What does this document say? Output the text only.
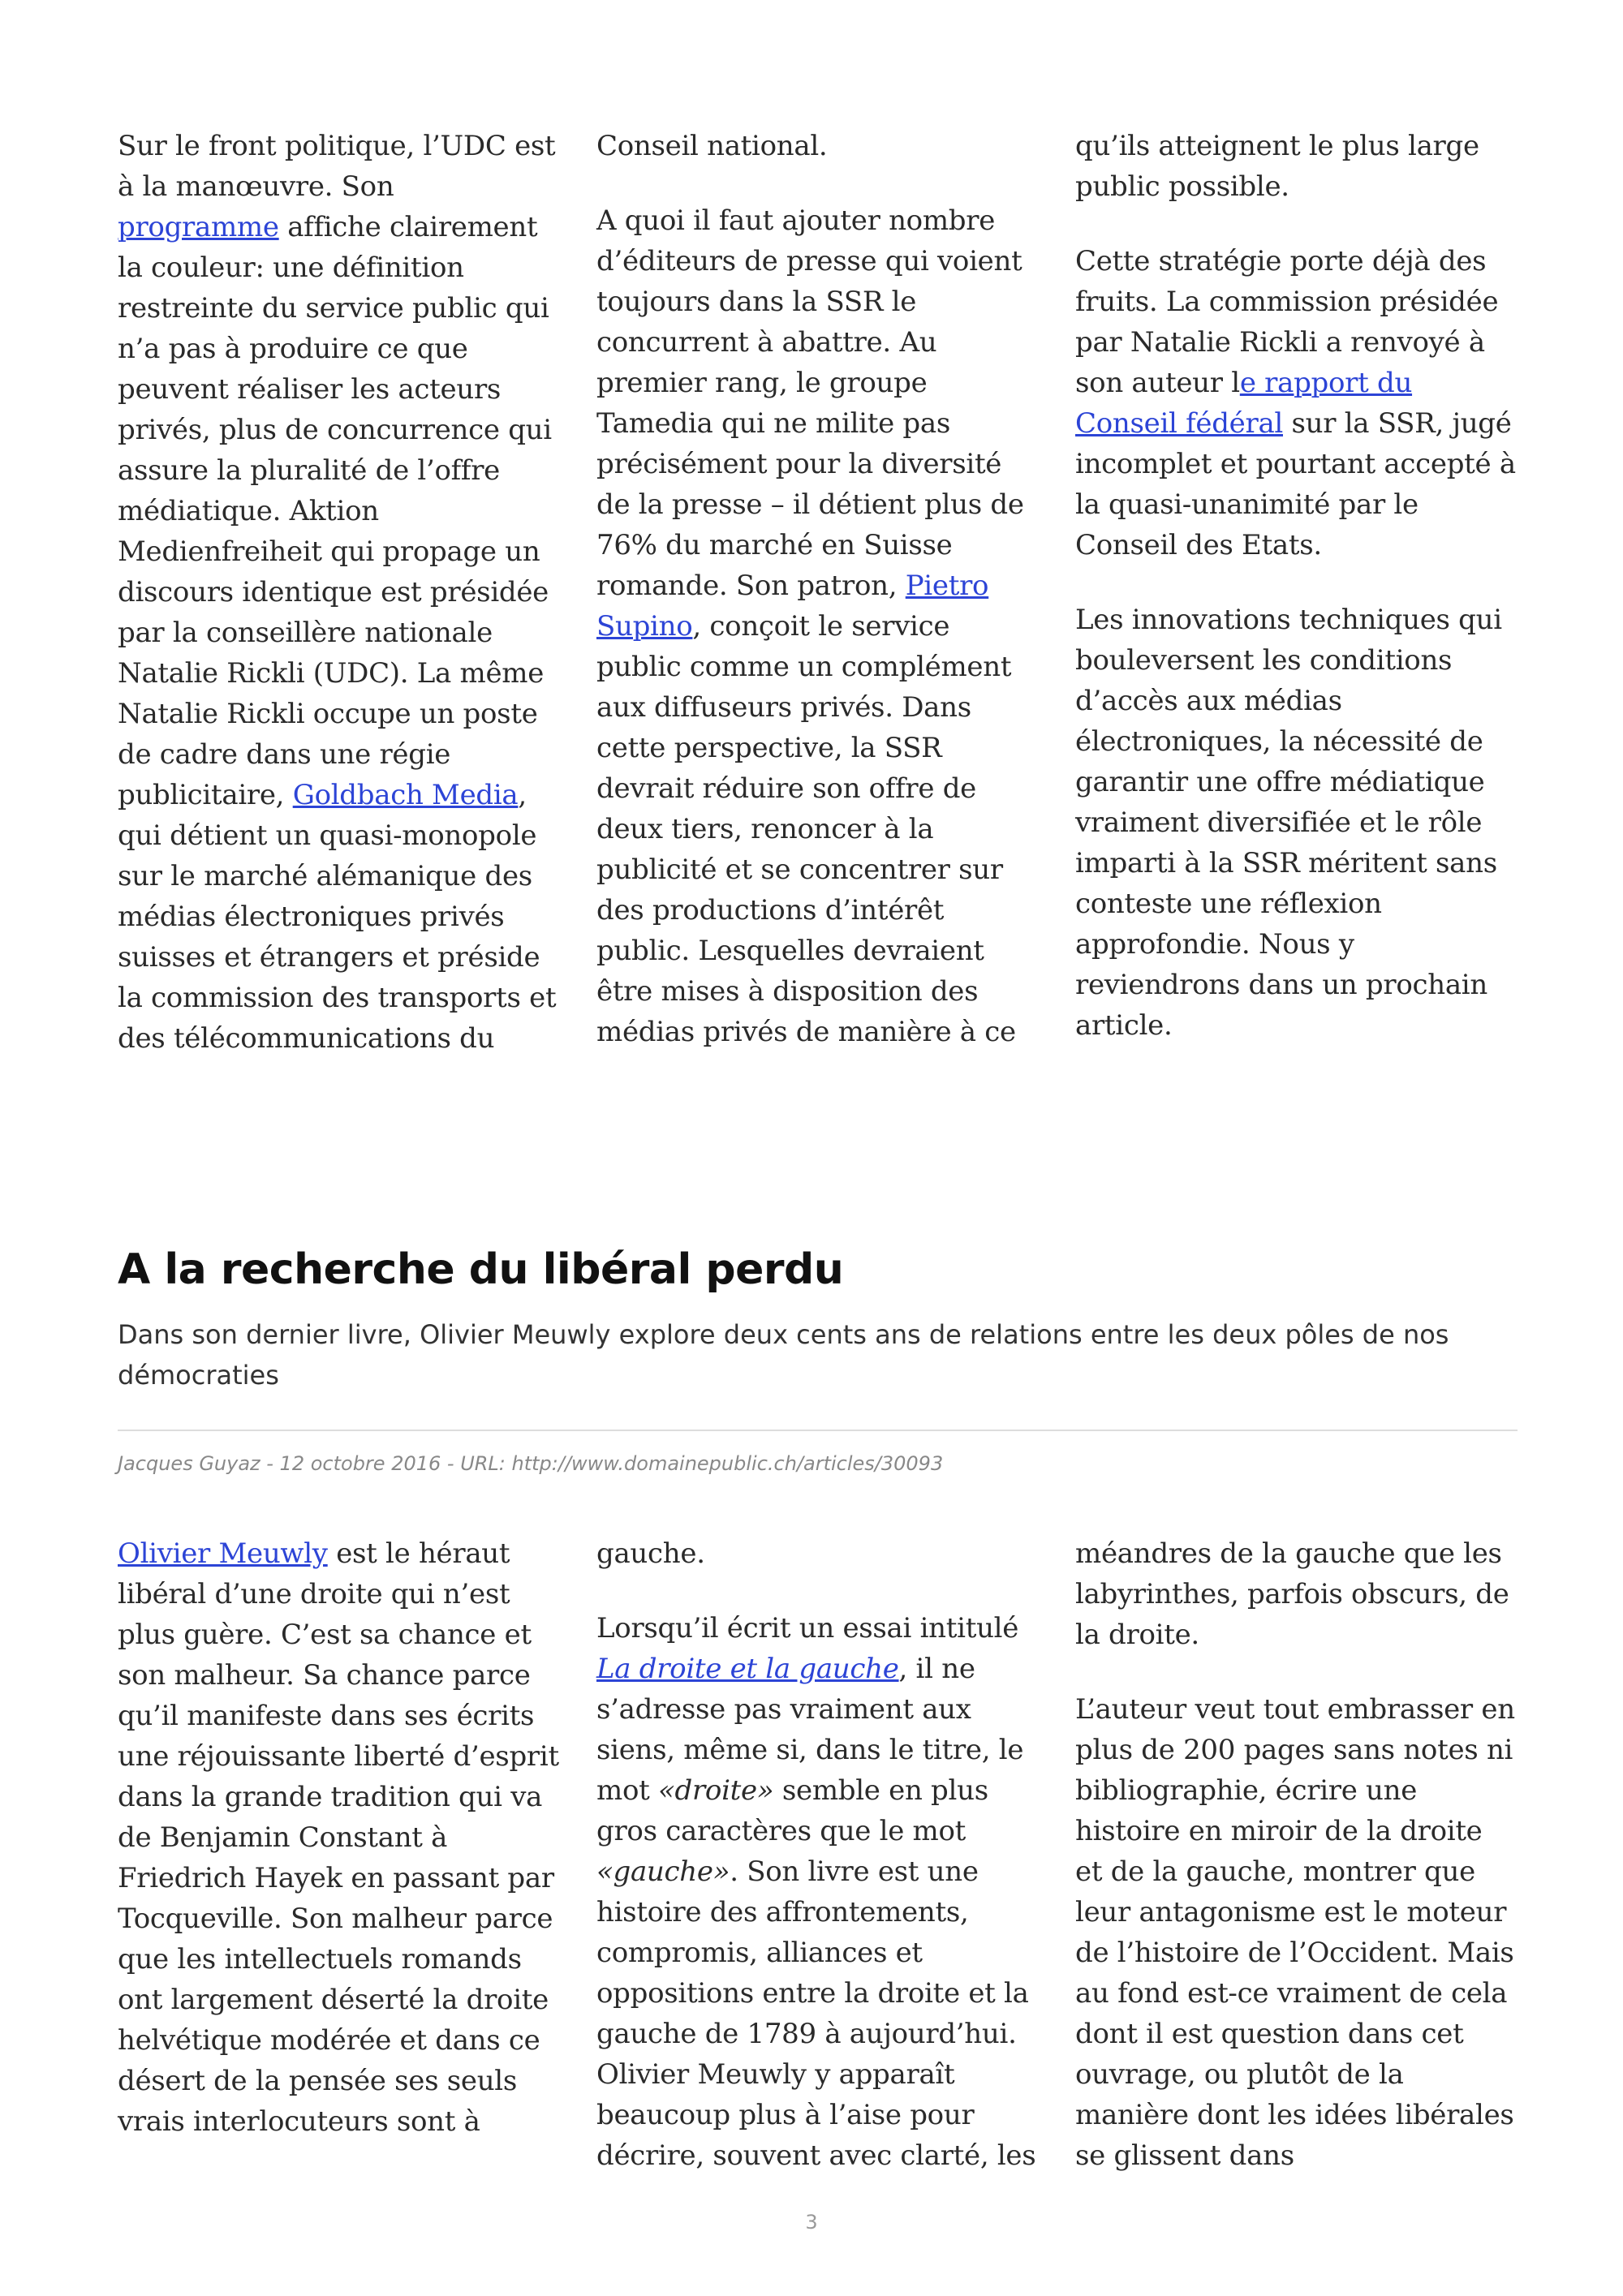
Sur le front politique, l’UDC est à la manœuvre. Son programme affiche clairement la couleur: une définition restreinte du service public qui n’a pas à produire ce que peuvent réaliser les acteurs privés, plus de concurrence qui assure la pluralité de l’offre médiatique. Aktion Medienfreiheit qui propage un discours identique est présidée par la conseillère nationale Natalie Rickli (UDC). La même Natalie Rickli occupe un poste de cadre dans une régie publicitaire, Goldbach Media, qui détient un quasi-monopole sur le marché alémanique des médias électroniques privés suisses et étrangers et préside la commission des transports et des télécommunications du

Conseil national.

A quoi il faut ajouter nombre d’éditeurs de presse qui voient toujours dans la SSR le concurrent à abattre. Au premier rang, le groupe Tamedia qui ne milite pas précisément pour la diversité de la presse – il détient plus de 76% du marché en Suisse romande. Son patron, Pietro Supino, conçoit le service public comme un complément aux diffuseurs privés. Dans cette perspective, la SSR devrait réduire son offre de deux tiers, renoncer à la publicité et se concentrer sur des productions d’intérêt public. Lesquelles devraient être mises à disposition des médias privés de manière à ce

qu’ils atteignent le plus large public possible.

Cette stratégie porte déjà des fruits. La commission présidée par Natalie Rickli a renvoyé à son auteur le rapport du Conseil fédéral sur la SSR, jugé incomplet et pourtant accepté à la quasi-unanimité par le Conseil des Etats.

Les innovations techniques qui bouleversent les conditions d’accès aux médias électroniques, la nécessité de garantir une offre médiatique vraiment diversifiée et le rôle imparti à la SSR méritent sans conteste une réflexion approfondie. Nous y reviendrons dans un prochain article.

A la recherche du libéral perdu

Dans son dernier livre, Olivier Meuwly explore deux cents ans de relations entre les deux pôles de nos démocraties

Jacques Guyaz - 12 octobre 2016 - URL: http://www.domainepublic.ch/articles/30093

Olivier Meuwly est le héraut libéral d’une droite qui n’est plus guère. C’est sa chance et son malheur. Sa chance parce qu’il manifeste dans ses écrits une réjouissante liberté d’esprit dans la grande tradition qui va de Benjamin Constant à Friedrich Hayek en passant par Tocqueville. Son malheur parce que les intellectuels romands ont largement déserté la droite helvétique modérée et dans ce désert de la pensée ses seuls vrais interlocuteurs sont à

gauche.

Lorsqu’il écrit un essai intitulé La droite et la gauche, il ne s’adresse pas vraiment aux siens, même si, dans le titre, le mot «droite» semble en plus gros caractères que le mot «gauche». Son livre est une histoire des affrontements, compromis, alliances et oppositions entre la droite et la gauche de 1789 à aujourd’hui. Olivier Meuwly y apparaît beaucoup plus à l’aise pour décrire, souvent avec clarté, les

méandres de la gauche que les labyrinthes, parfois obscurs, de la droite.

L’auteur veut tout embrasser en plus de 200 pages sans notes ni bibliographie, écrire une histoire en miroir de la droite et de la gauche, montrer que leur antagonisme est le moteur de l’histoire de l’Occident. Mais au fond est-ce vraiment de cela dont il est question dans cet ouvrage, ou plutôt de la manière dont les idées libérales se glissent dans

3
